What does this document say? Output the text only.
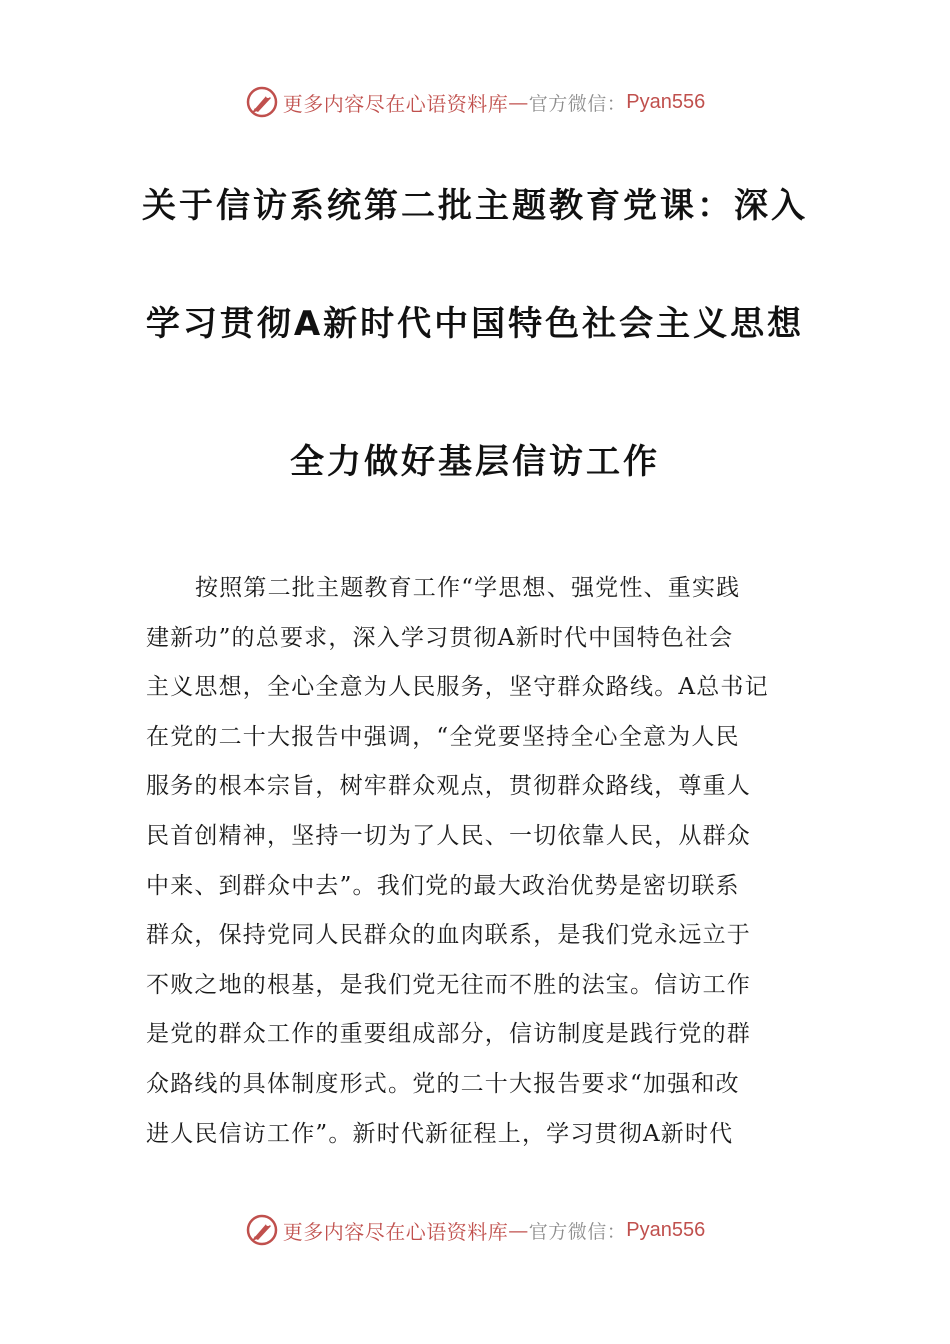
更多内容尽在心语资料库 — 官方微信： Pyan556
关于信访系统第二批主题教育党课：深入
学习贯彻A新时代中国特色社会主义思想
全力做好基层信访工作
按照第二批主题教育工作“学思想、强党性、重实践
建新功”的总要求，深入学习贯彻A新时代中国特色社会
主义思想，全心全意为人民服务，坚守群众路线。A总书记
在党的二十大报告中强调，“全党要坚持全心全意为人民
服务的根本宗旨，树牢群众观点，贯彻群众路线，尊重人
民首创精神，坚持一切为了人民、一切依靠人民，从群众
中来、到群众中去”。我们党的最大政治优势是密切联系
群众，保持党同人民群众的血肉联系，是我们党永远立于
不败之地的根基，是我们党无往而不胜的法宝。信访工作
是党的群众工作的重要组成部分，信访制度是践行党的群
众路线的具体制度形式。党的二十大报告要求“加强和改
进人民信访工作”。新时代新征程上，学习贯彻A新时代
更多内容尽在心语资料库 — 官方微信： Pyan556
